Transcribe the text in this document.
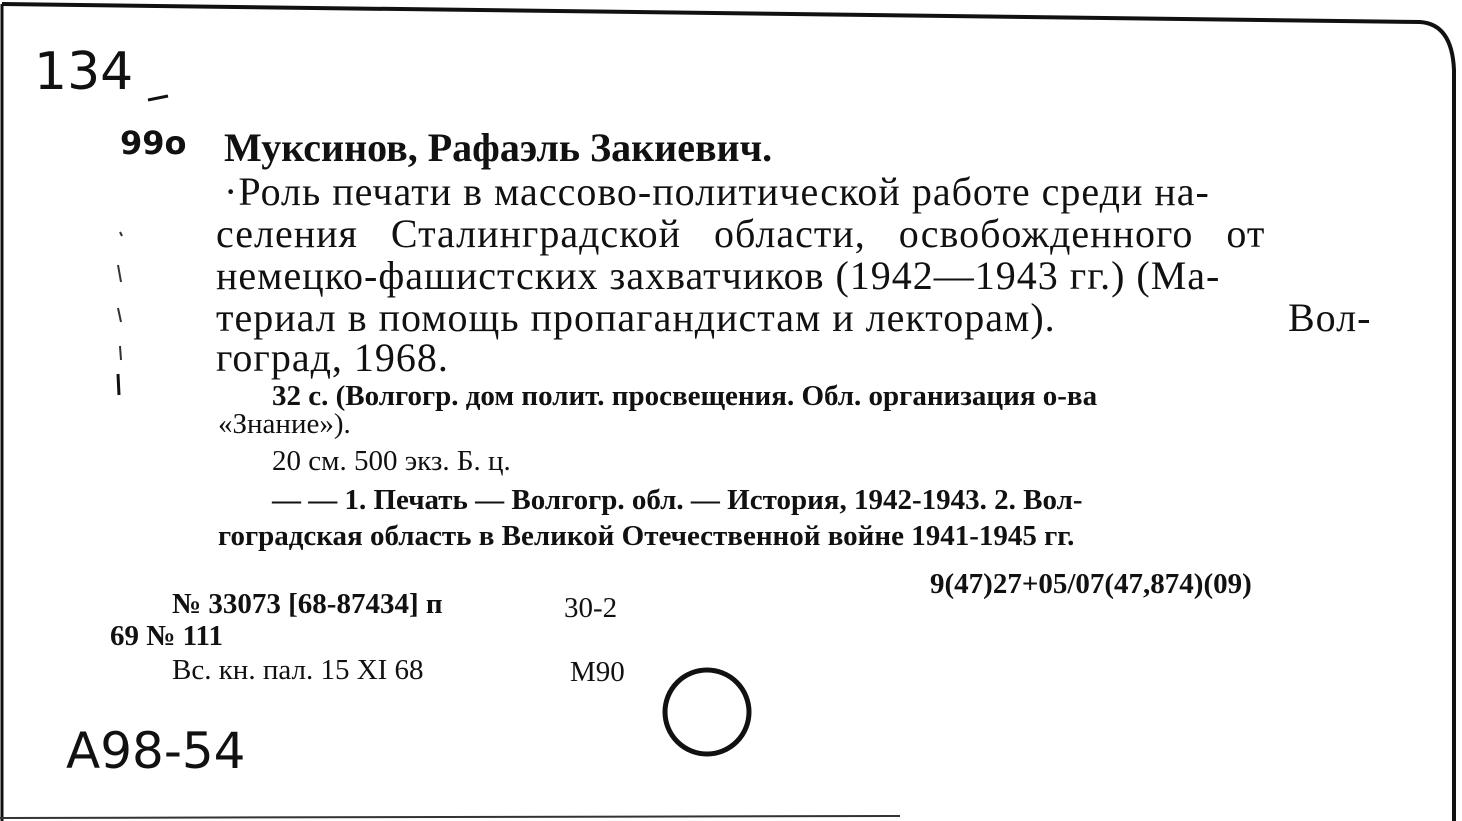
134
99о Муксинов, Рафаэль Закиевич.
·Роль печати в массово-политической работе среди на-
селения Сталинградской области, освобожденного от
немецко-фашистских захватчиков (1942—1943 гг.) (Ма-
териал в помощь пропагандистам и лекторам).	Вол-
гоград, 1968.
32 с. (Волгогр. дом полит. просвещения. Обл. организация о-ва
«Знание»).
20 см. 500 экз. Б. ц.
— — 1. Печать — Волгогр. обл. — История, 1942-1943. 2. Вол-
гоградская область в Великой Отечественной войне 1941-1945 гг.
9(47)27+05/07(47,874)(09)
№ 33073 [68-87434] п	30-2
69 № 111
Вс. кн. пал. 15 XI 68	М90
А98-54
